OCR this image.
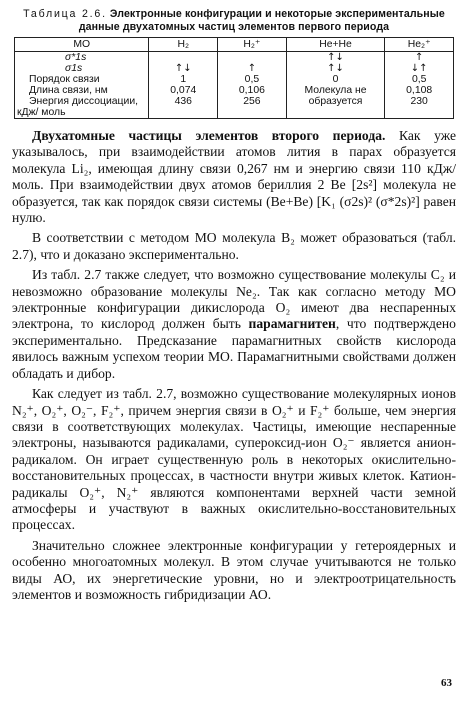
Таблица 2.6. Электронные конфигурации и некоторые экспериментальные данные двухатомных частиц элементов первого периода
МО	H₂	H₂⁺	He+He	He₂⁺
σ*1s			↑↓	↑
σ1s	↑↓	↑	↑↓	↓↑
Порядок связи	1	0,5	0	0,5
Длина связи, нм	0,074	0,106	Молекула не	0,108
Энергия диссоциации,	436	256	образуется	230
кДж/ моль				

Двухатомные частицы элементов второго периода. Как уже указывалось, при взаимодействии атомов лития в парах образуется молекула Li₂, имеющая длину связи 0,267 нм и энергию связи 110 кДж/моль. При взаимодействии двух атомов бериллия 2 Be [2s²] молекула не образуется, так как порядок связи системы (Be+Be) [K₁ (σ2s)² (σ*2s)²] равен нулю.

В соответствии с методом МО молекула B₂ может образоваться (табл. 2.7), что и доказано экспериментально.

Из табл. 2.7 также следует, что возможно существование молекулы C₂ и невозможно образование молекулы Ne₂. Так как согласно методу МО электронные конфигурации дикислорода O₂ имеют два неспаренных электрона, то кислород должен быть парамагнитен, что подтверждено экспериментально. Предсказание парамагнитных свойств кислорода явилось важным успехом теории МО. Парамагнитными свойствами должен обладать и дибор.

Как следует из табл. 2.7, возможно существование молекулярных ионов N₂⁺, O₂⁺, O₂⁻, F₂⁺, причем энергия связи в O₂⁺ и F₂⁺ больше, чем энергия связи в соответствующих молекулах. Частицы, имеющие неспаренные электроны, называются радикалами, супероксид-ион O₂⁻ является анион-радикалом. Он играет существенную роль в некоторых окислительно-восстановительных процессах, в частности внутри живых клеток. Катион-радикалы O₂⁺, N₂⁺ являются компонентами верхней части земной атмосферы и участвуют в важных окислительно-восстановительных процессах.

Значительно сложнее электронные конфигурации у гетероядерных и особенно многоатомных молекул. В этом случае учитываются не только виды АО, их энергетические уровни, но и электроотрицательность элементов и возможность гибридизации АО.

63
